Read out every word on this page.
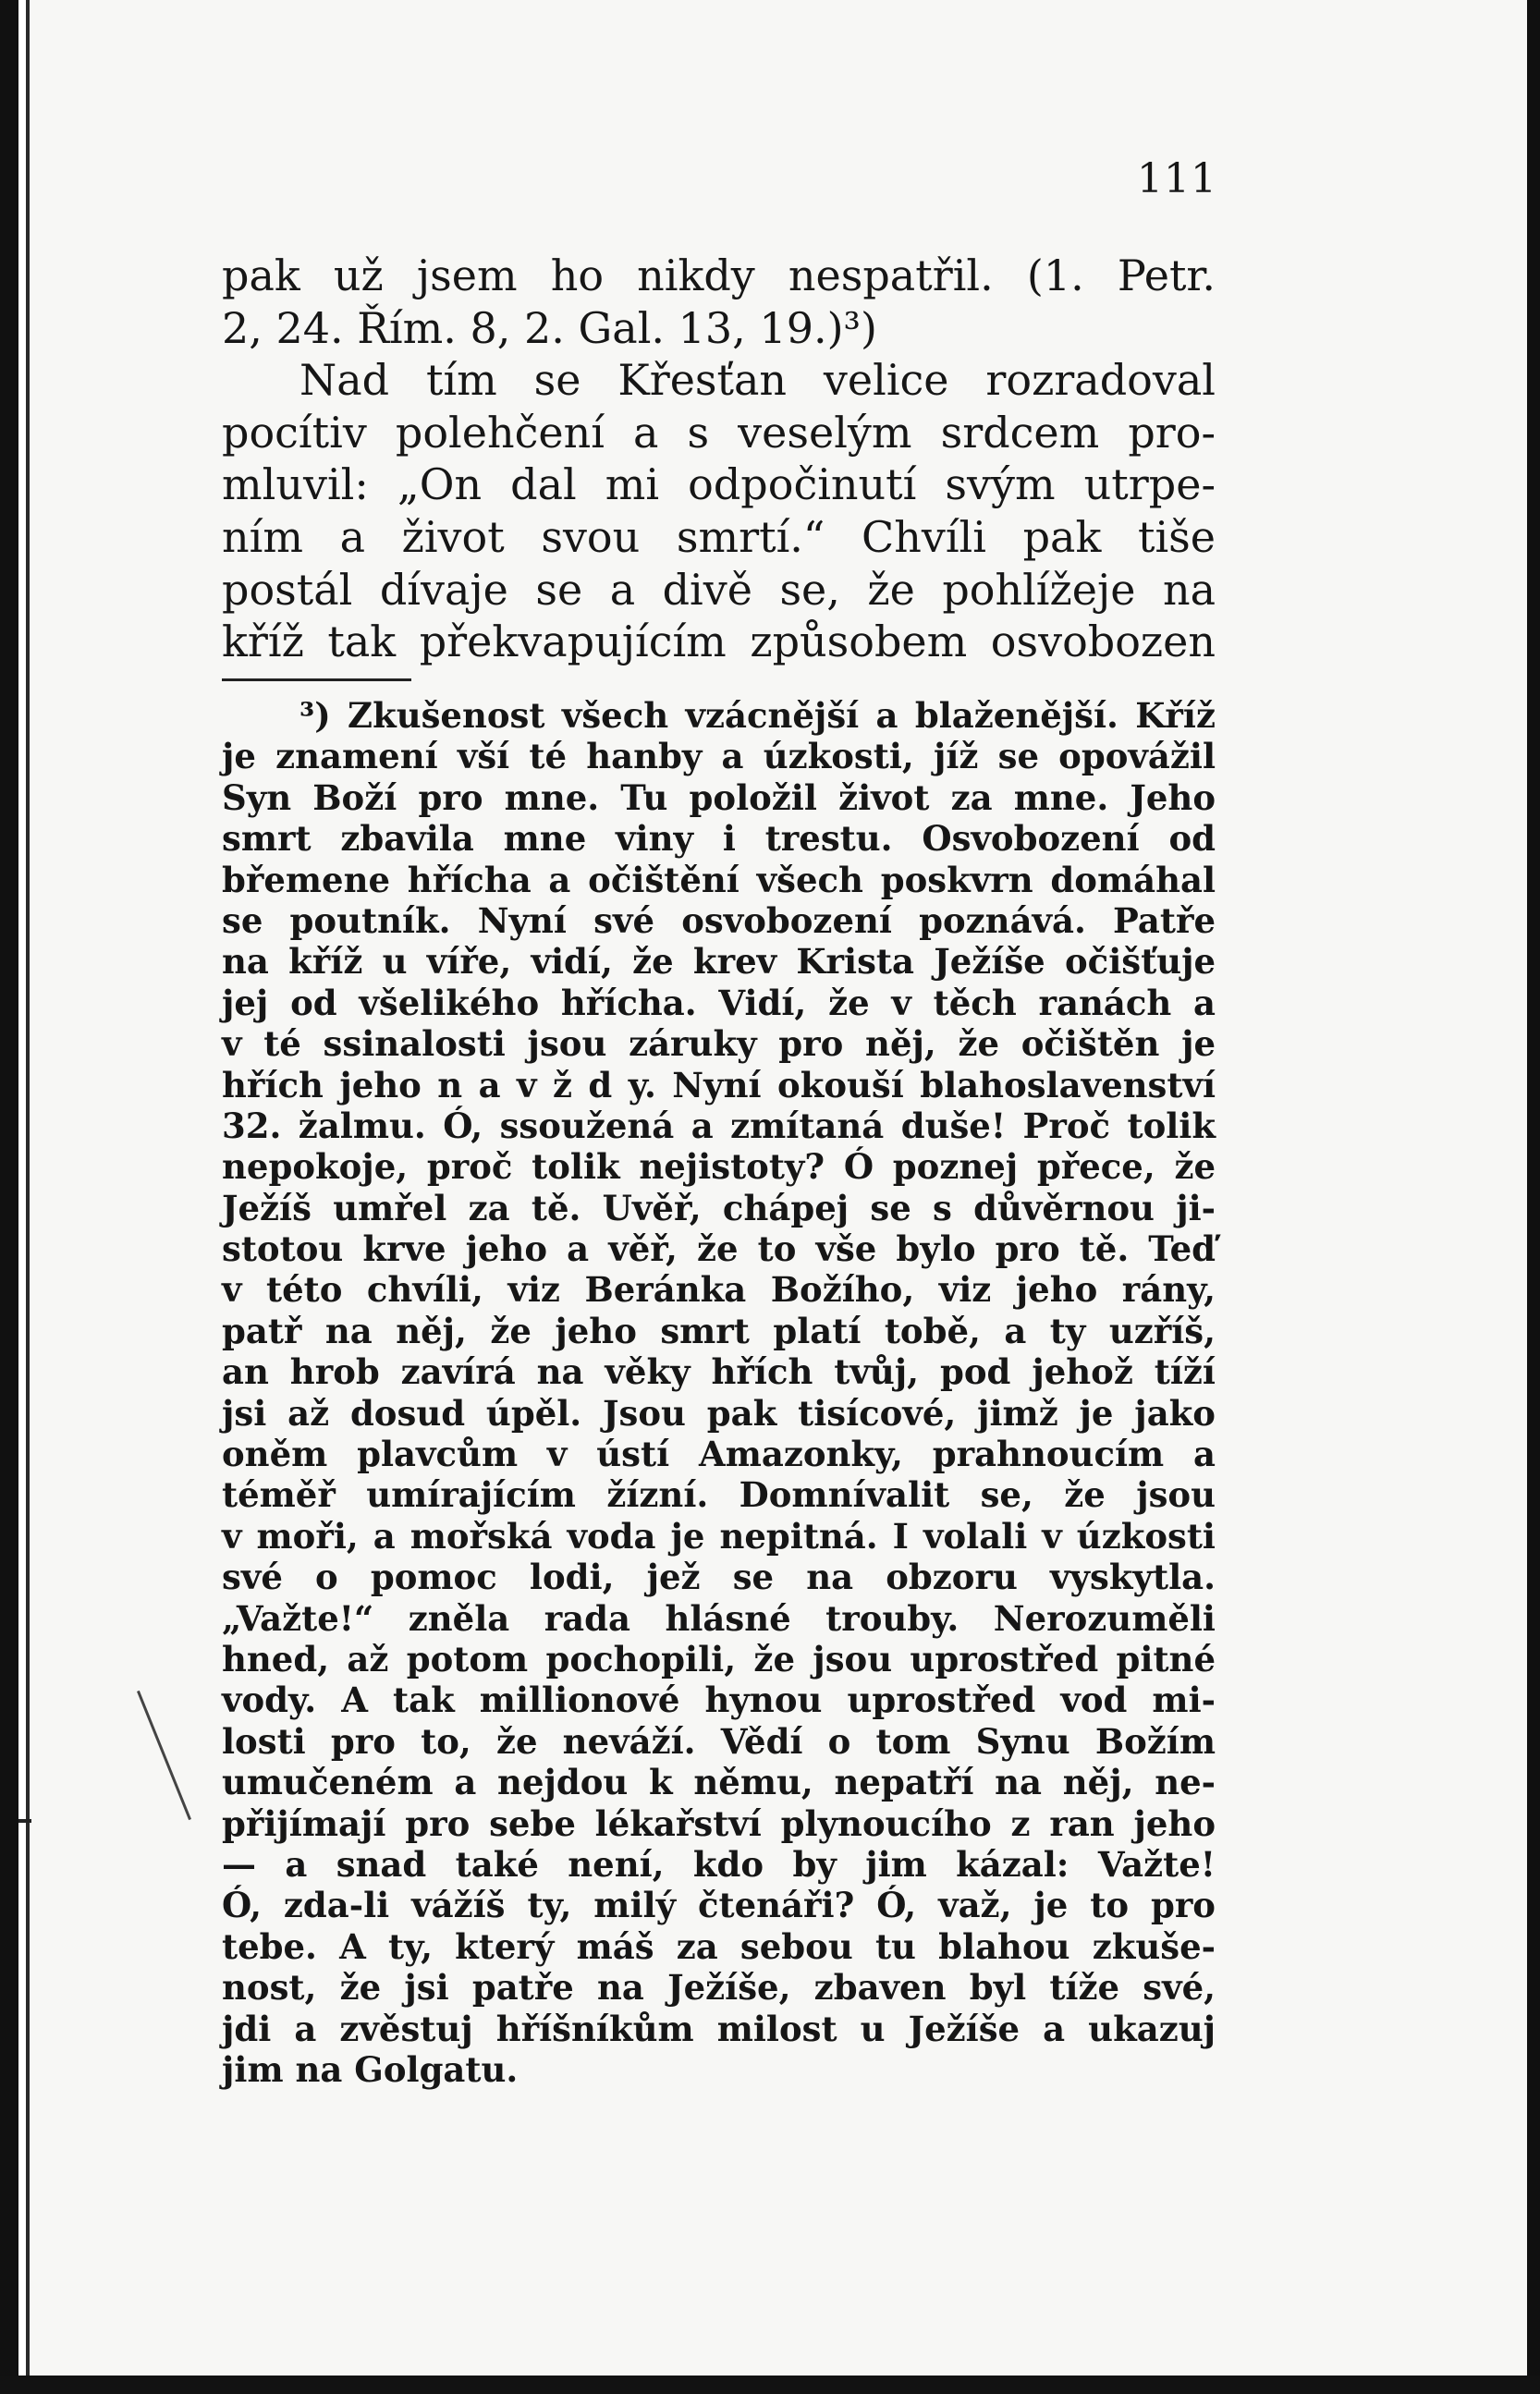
111
pak už jsem ho nikdy nespatřil. (1. Petr.
2, 24. Řím. 8, 2. Gal. 13, 19.)³)
Nad tím se Křesťan velice rozradoval
pocítiv polehčení a s veselým srdcem pro-
mluvil: „On dal mi odpočinutí svým utrpe-
ním a život svou smrtí.“ Chvíli pak tiše
postál dívaje se a divě se, že pohlížeje na
kříž tak překvapujícím způsobem osvobozen
³) Zkušenost všech vzácnější a blaženější. Kříž
je znamení vší té hanby a úzkosti, jíž se opovážil
Syn Boží pro mne. Tu položil život za mne. Jeho
smrt zbavila mne viny i trestu. Osvobození od
břemene hřícha a očištění všech poskvrn domáhal
se poutník. Nyní své osvobození poznává. Patře
na kříž u víře, vidí, že krev Krista Ježíše očišťuje
jej od všelikého hřícha. Vidí, že v těch ranách a
v té ssinalosti jsou záruky pro něj, že očištěn je
hřích jeho n a v ž d y. Nyní okouší blahoslavenství
32. žalmu. Ó, ssoužená a zmítaná duše! Proč tolik
nepokoje, proč tolik nejistoty? Ó poznej přece, že
Ježíš umřel za tě. Uvěř, chápej se s důvěrnou ji-
stotou krve jeho a věř, že to vše bylo pro tě. Teď
v této chvíli, viz Beránka Božího, viz jeho rány,
patř na něj, že jeho smrt platí tobě, a ty uzříš,
an hrob zavírá na věky hřích tvůj, pod jehož tíží
jsi až dosud úpěl. Jsou pak tisícové, jimž je jako
oněm plavcům v ústí Amazonky, prahnoucím a
téměř umírajícím žízní. Domnívalit se, že jsou
v moři, a mořská voda je nepitná. I volali v úzkosti
své o pomoc lodi, jež se na obzoru vyskytla.
„Važte!“ zněla rada hlásné trouby. Nerozuměli
hned, až potom pochopili, že jsou uprostřed pitné
vody. A tak millionové hynou uprostřed vod mi-
losti pro to, že neváží. Vědí o tom Synu Božím
umučeném a nejdou k němu, nepatří na něj, ne-
přijímají pro sebe lékařství plynoucího z ran jeho
— a snad také není, kdo by jim kázal: Važte!
Ó, zda-li vážíš ty, milý čtenáři? Ó, važ, je to pro
tebe. A ty, který máš za sebou tu blahou zkuše-
nost, že jsi patře na Ježíše, zbaven byl tíže své,
jdi a zvěstuj hříšníkům milost u Ježíše a ukazuj
jim na Golgatu.
